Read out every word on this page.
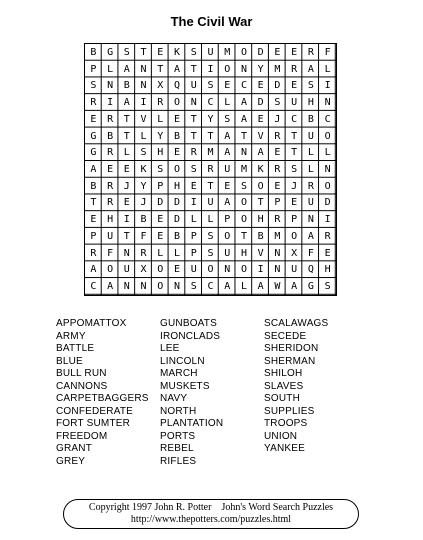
The Civil War
B	G	S	T	E	K	S	U	M	O	D	E	E	R	F
P	L	A	N	T	A	T	I	O	N	Y	M	R	A	L
S	N	B	N	X	Q	U	S	E	C	E	D	E	S	I
R	I	A	I	R	O	N	C	L	A	D	S	U	H	N
E	R	T	V	L	E	T	Y	S	A	E	J	C	B	C
G	B	T	L	Y	B	T	T	A	T	V	R	T	U	O
G	R	L	S	H	E	R	M	A	N	A	E	T	L	L
A	E	E	K	S	O	S	R	U	M	K	R	S	L	N
B	R	J	Y	P	H	E	T	E	S	O	E	J	R	O
T	R	E	J	D	D	I	U	A	O	T	P	E	U	D
E	H	I	B	E	D	L	L	P	O	H	R	P	N	I
P	U	T	F	E	B	P	S	O	T	B	M	O	A	R
R	F	N	R	L	L	P	S	U	H	V	N	X	F	E
A	O	U	X	O	E	U	O	N	O	I	N	U	Q	H
C	A	N	N	O	N	S	C	A	L	A	W	A	G	S
APPOMATTOX
ARMY
BATTLE
BLUE
BULL RUN
CANNONS
CARPETBAGGERS
CONFEDERATE
FORT SUMTER
FREEDOM
GRANT
GREY
GUNBOATS
IRONCLADS
LEE
LINCOLN
MARCH
MUSKETS
NAVY
NORTH
PLANTATION
PORTS
REBEL
RIFLES
SCALAWAGS
SECEDE
SHERIDON
SHERMAN
SHILOH
SLAVES
SOUTH
SUPPLIES
TROOPS
UNION
YANKEE
Copyright 1997 John R. Potter John's Word Search Puzzles
http://www.thepotters.com/puzzles.html
